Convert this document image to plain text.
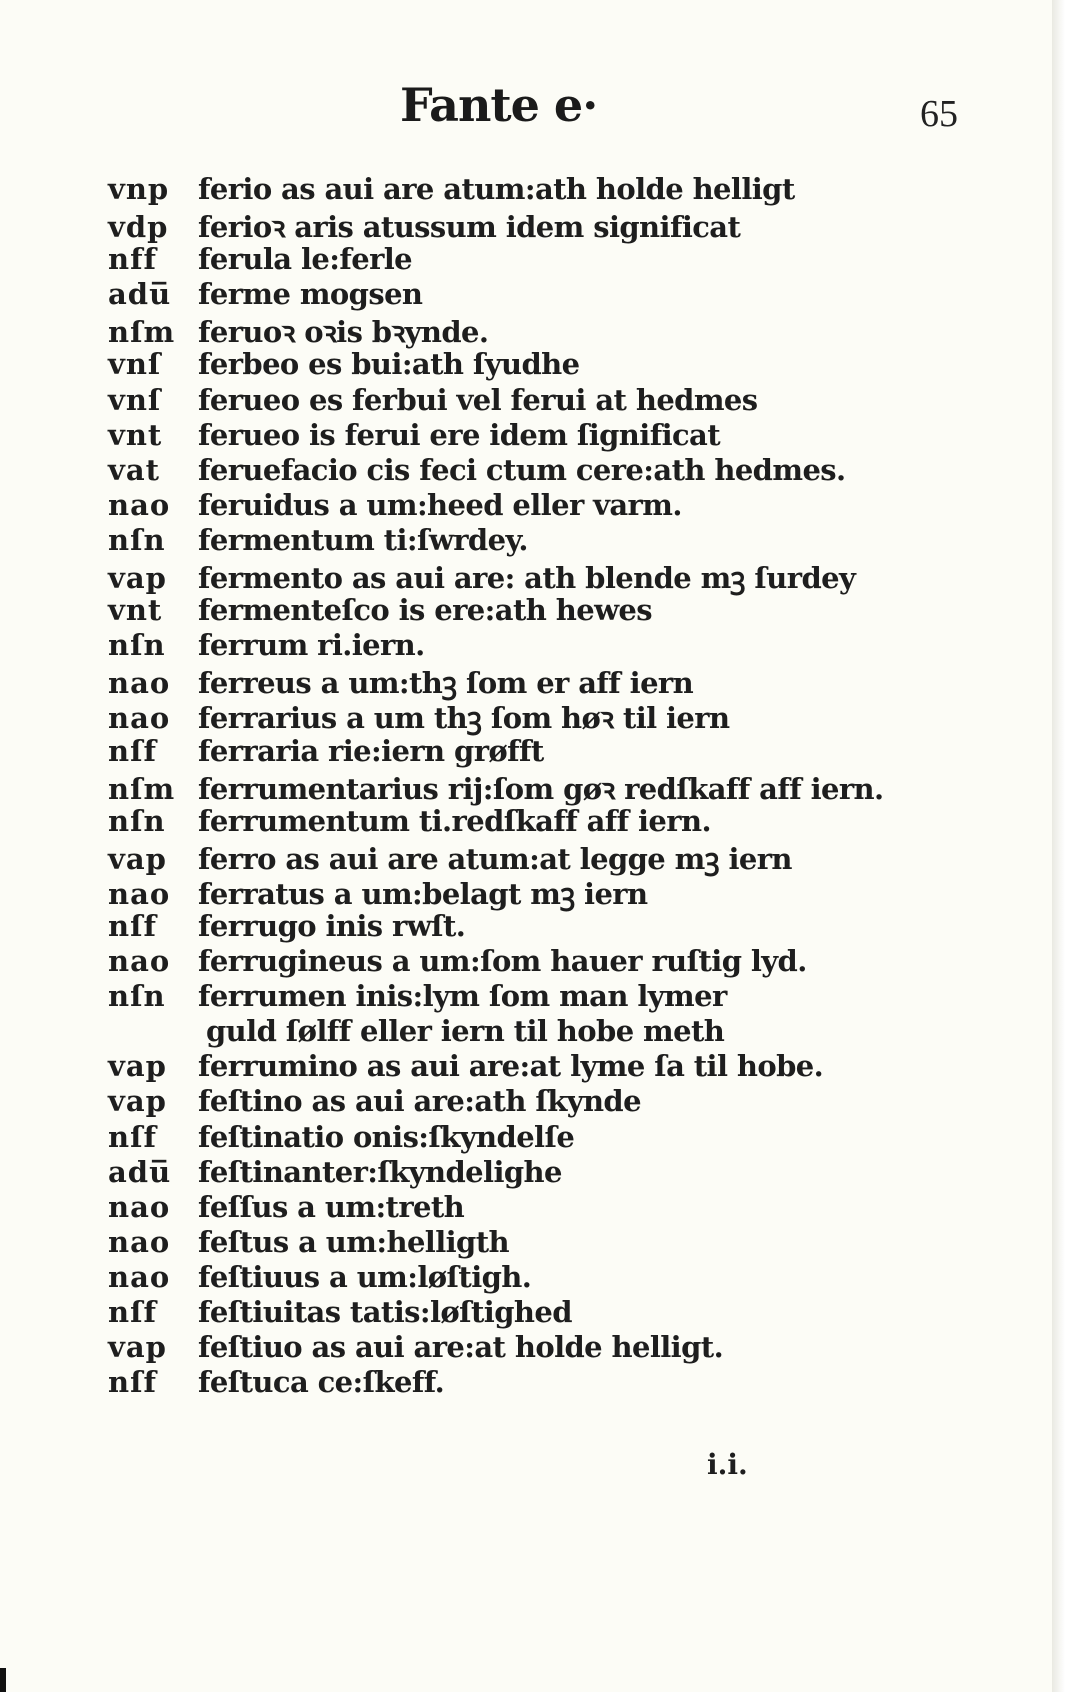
Fante e·	65
vnp ferio as aui are atum:ath holde helligt
vdp	ferioꝛ aris atussum idem significat
nff	ferula le:ferle
adu̅ ferme mogsen
nſm feruoꝛ oꝛis bꝛynde.
vnſ	ferbeo es bui:ath ſyudhe
vnſ	ferueo es ferbui vel ferui at hedmes
vnt	ferueo is ferui ere idem ſignificat
vat	feruefacio cis feci ctum cere:ath hedmes.
nao feruidus a um:heed eller varm.
nſn	fermentum ti:ſwrdey.
vap	fermento as aui are: ath blende mꝫ ſurdey
vnt	fermenteſco is ere:ath hewes
nſn	ferrum ri.iern.
nao ferreus a um:thꝫ ſom er aff iern
nao ferrarius a um thꝫ ſom høꝛ til iern
nſf	ferraria rie:iern grøfft
nſm ferrumentarius rij:ſom gøꝛ redſkaff aff iern.
nſn	ferrumentum ti.redſkaff aff iern.
vap	ferro as aui are atum:at legge mꝫ iern
nao ferratus a um:belagt mꝫ iern
nſf	ferrugo inis rwſt.
nao ferrugineus a um:ſom hauer ruſtig lyd.
nſn	ferrumen inis:lym ſom man lymer
guld ſølff eller iern til hobe meth
vap	ferrumino as aui are:at lyme ſa til hobe.
vap	feſtino as aui are:ath ſkynde
nſf	feſtinatio onis:ſkyndelſe
adu̅ feſtinanter:ſkyndelighe
nao feſſus a um:treth
nao feſtus a um:helligth
nao feſtiuus a um:løſtigh.
nſf	feſtiuitas tatis:løſtighed
vap	feſtiuo as aui are:at holde helligt.
nſf	feſtuca ce:ſkeff.
i.i.
